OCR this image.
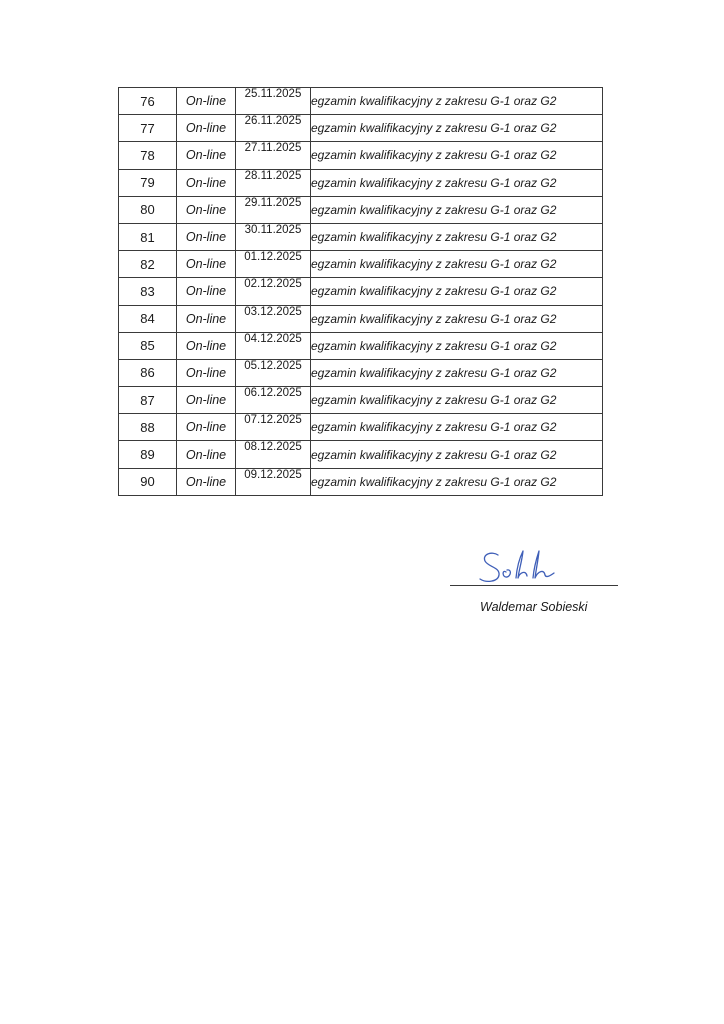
76	On-line	25.11.2025	egzamin kwalifikacyjny z zakresu G-1 oraz G2
77	On-line	26.11.2025	egzamin kwalifikacyjny z zakresu G-1 oraz G2
78	On-line	27.11.2025	egzamin kwalifikacyjny z zakresu G-1 oraz G2
79	On-line	28.11.2025	egzamin kwalifikacyjny z zakresu G-1 oraz G2
80	On-line	29.11.2025	egzamin kwalifikacyjny z zakresu G-1 oraz G2
81	On-line	30.11.2025	egzamin kwalifikacyjny z zakresu G-1 oraz G2
82	On-line	01.12.2025	egzamin kwalifikacyjny z zakresu G-1 oraz G2
83	On-line	02.12.2025	egzamin kwalifikacyjny z zakresu G-1 oraz G2
84	On-line	03.12.2025	egzamin kwalifikacyjny z zakresu G-1 oraz G2
85	On-line	04.12.2025	egzamin kwalifikacyjny z zakresu G-1 oraz G2
86	On-line	05.12.2025	egzamin kwalifikacyjny z zakresu G-1 oraz G2
87	On-line	06.12.2025	egzamin kwalifikacyjny z zakresu G-1 oraz G2
88	On-line	07.12.2025	egzamin kwalifikacyjny z zakresu G-1 oraz G2
89	On-line	08.12.2025	egzamin kwalifikacyjny z zakresu G-1 oraz G2
90	On-line	09.12.2025	egzamin kwalifikacyjny z zakresu G-1 oraz G2
Waldemar Sobieski
